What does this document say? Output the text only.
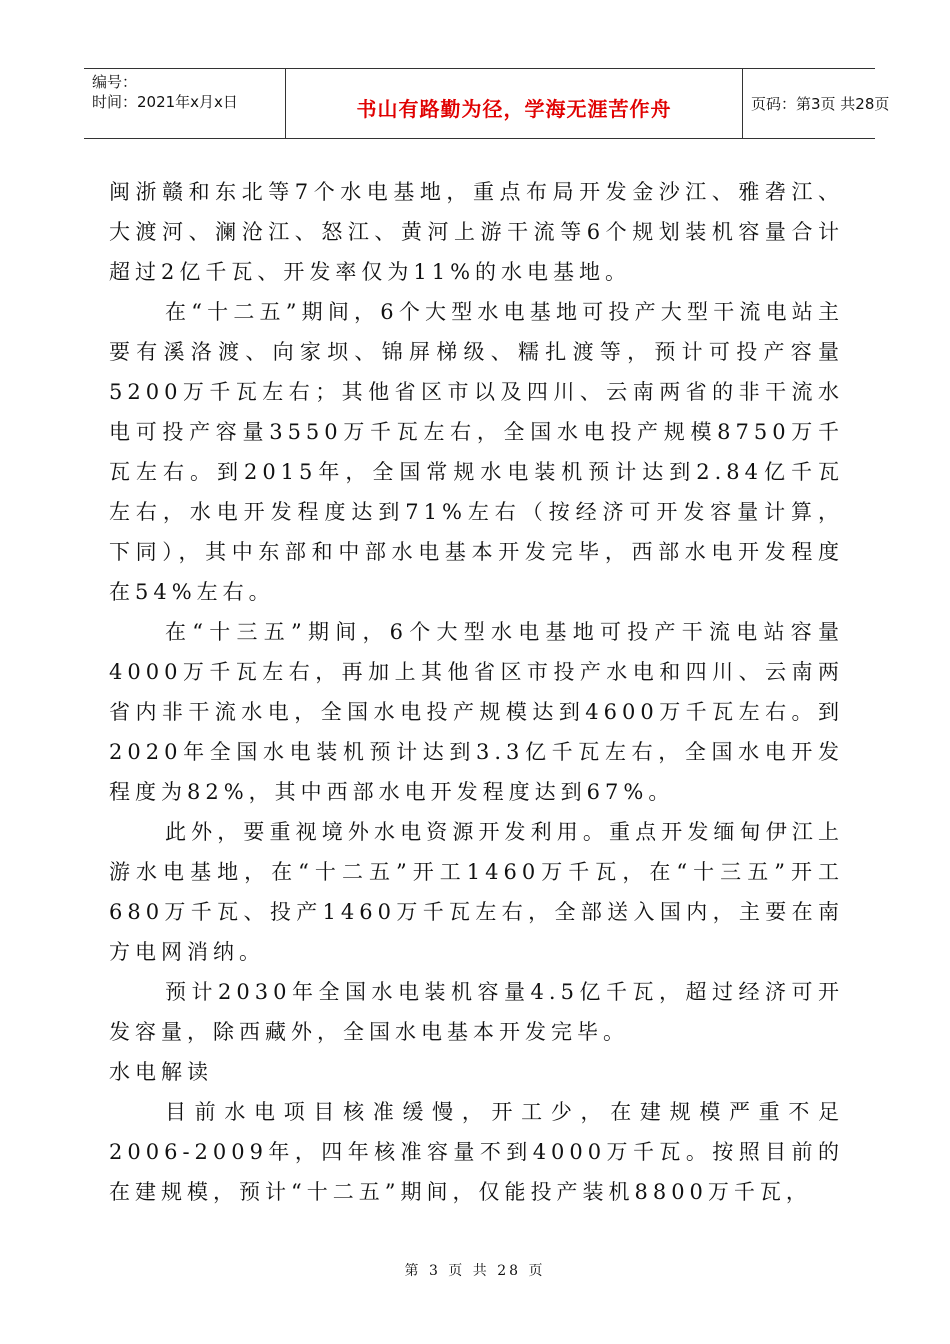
编号：
时间：2021年x月x日	书山有路勤为径，学海无涯苦作舟	页码：第3页 共28页

闽浙赣和东北等7个水电基地，重点布局开发金沙江、雅砻江、大渡河、澜沧江、怒江、黄河上游干流等6个规划装机容量合计超过2亿千瓦、开发率仅为11%的水电基地。

在“十二五”期间，6个大型水电基地可投产大型干流电站主要有溪洛渡、向家坝、锦屏梯级、糯扎渡等，预计可投产容量5200万千瓦左右；其他省区市以及四川、云南两省的非干流水电可投产容量3550万千瓦左右，全国水电投产规模8750万千瓦左右。到2015年，全国常规水电装机预计达到2.84亿千瓦左右，水电开发程度达到71%左右（按经济可开发容量计算，下同），其中东部和中部水电基本开发完毕，西部水电开发程度在54%左右。

在“十三五”期间，6个大型水电基地可投产干流电站容量4000万千瓦左右，再加上其他省区市投产水电和四川、云南两省内非干流水电，全国水电投产规模达到4600万千瓦左右。到2020年全国水电装机预计达到3.3亿千瓦左右，全国水电开发程度为82%，其中西部水电开发程度达到67%。

此外，要重视境外水电资源开发利用。重点开发缅甸伊江上游水电基地，在“十二五”开工1460万千瓦，在“十三五”开工680万千瓦、投产1460万千瓦左右，全部送入国内，主要在南方电网消纳。

预计2030年全国水电装机容量4.5亿千瓦，超过经济可开发容量，除西藏外，全国水电基本开发完毕。

水电解读

目前水电项目核准缓慢，开工少，在建规模严重不足2006-2009年，四年核准容量不到4000万千瓦。按照目前的在建规模，预计“十二五”期间，仅能投产装机8800万千瓦，

第 3 页 共 28 页
